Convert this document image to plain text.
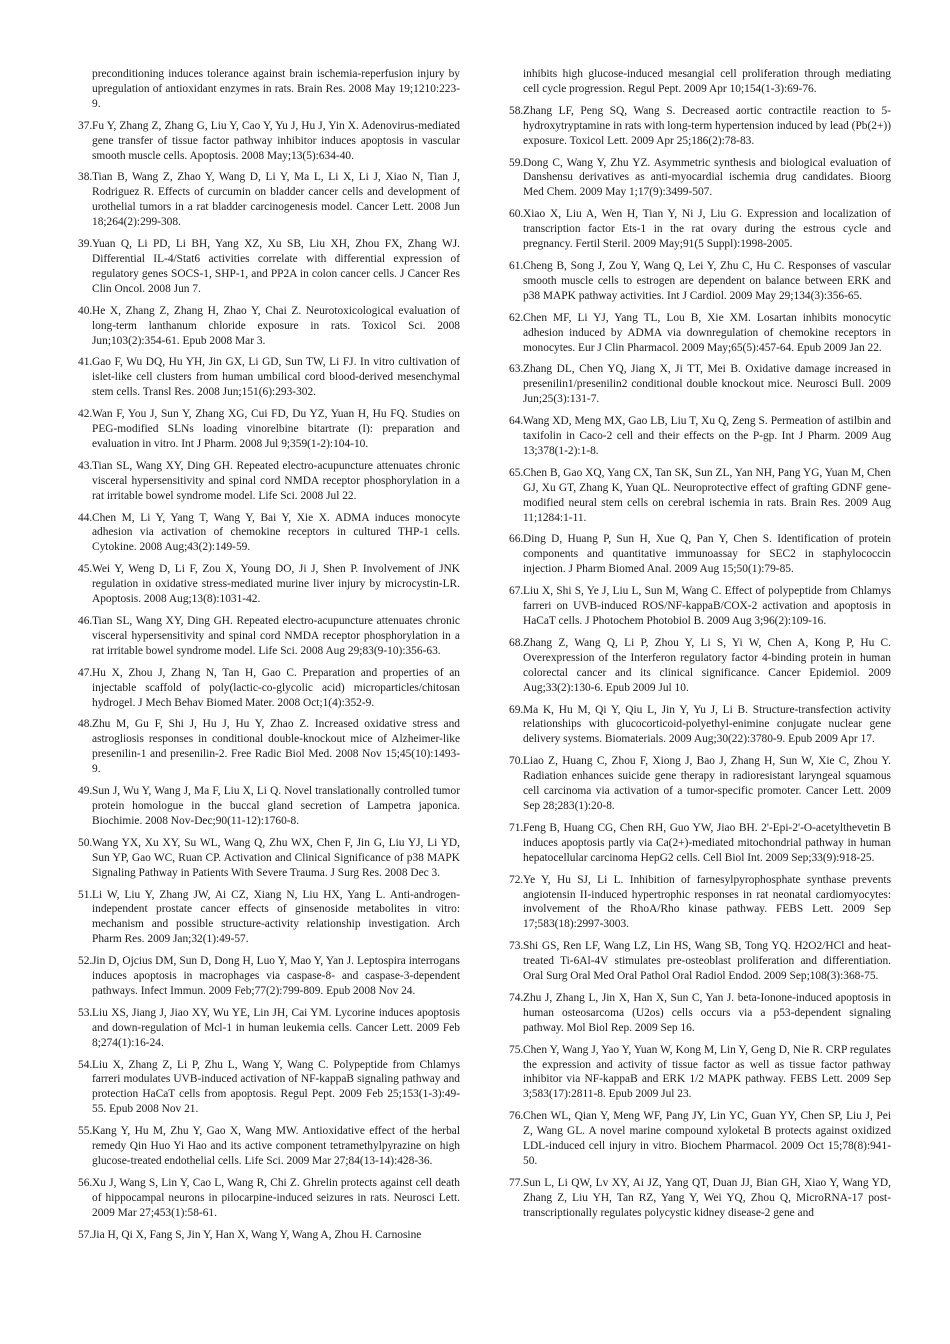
preconditioning induces tolerance against brain ischemia-reperfusion injury by upregulation of antioxidant enzymes in rats. Brain Res. 2008 May 19;1210:223-9.

37.Fu Y, Zhang Z, Zhang G, Liu Y, Cao Y, Yu J, Hu J, Yin X. Adenovirus-mediated gene transfer of tissue factor pathway inhibitor induces apoptosis in vascular smooth muscle cells. Apoptosis. 2008 May;13(5):634-40.

38.Tian B, Wang Z, Zhao Y, Wang D, Li Y, Ma L, Li X, Li J, Xiao N, Tian J, Rodriguez R. Effects of curcumin on bladder cancer cells and development of urothelial tumors in a rat bladder carcinogenesis model. Cancer Lett. 2008 Jun 18;264(2):299-308.

39.Yuan Q, Li PD, Li BH, Yang XZ, Xu SB, Liu XH, Zhou FX, Zhang WJ. Differential IL-4/Stat6 activities correlate with differential expression of regulatory genes SOCS-1, SHP-1, and PP2A in colon cancer cells. J Cancer Res Clin Oncol. 2008 Jun 7.

40.He X, Zhang Z, Zhang H, Zhao Y, Chai Z. Neurotoxicological evaluation of long-term lanthanum chloride exposure in rats. Toxicol Sci. 2008 Jun;103(2):354-61. Epub 2008 Mar 3.

41.Gao F, Wu DQ, Hu YH, Jin GX, Li GD, Sun TW, Li FJ. In vitro cultivation of islet-like cell clusters from human umbilical cord blood-derived mesenchymal stem cells. Transl Res. 2008 Jun;151(6):293-302.

42.Wan F, You J, Sun Y, Zhang XG, Cui FD, Du YZ, Yuan H, Hu FQ. Studies on PEG-modified SLNs loading vinorelbine bitartrate (I): preparation and evaluation in vitro. Int J Pharm. 2008 Jul 9;359(1-2):104-10.

43.Tian SL, Wang XY, Ding GH. Repeated electro-acupuncture attenuates chronic visceral hypersensitivity and spinal cord NMDA receptor phosphorylation in a rat irritable bowel syndrome model. Life Sci. 2008 Jul 22.

44.Chen M, Li Y, Yang T, Wang Y, Bai Y, Xie X. ADMA induces monocyte adhesion via activation of chemokine receptors in cultured THP-1 cells. Cytokine. 2008 Aug;43(2):149-59.

45.Wei Y, Weng D, Li F, Zou X, Young DO, Ji J, Shen P. Involvement of JNK regulation in oxidative stress-mediated murine liver injury by microcystin-LR. Apoptosis. 2008 Aug;13(8):1031-42.

46.Tian SL, Wang XY, Ding GH. Repeated electro-acupuncture attenuates chronic visceral hypersensitivity and spinal cord NMDA receptor phosphorylation in a rat irritable bowel syndrome model. Life Sci. 2008 Aug 29;83(9-10):356-63.

47.Hu X, Zhou J, Zhang N, Tan H, Gao C. Preparation and properties of an injectable scaffold of poly(lactic-co-glycolic acid) microparticles/chitosan hydrogel. J Mech Behav Biomed Mater. 2008 Oct;1(4):352-9.

48.Zhu M, Gu F, Shi J, Hu J, Hu Y, Zhao Z. Increased oxidative stress and astrogliosis responses in conditional double-knockout mice of Alzheimer-like presenilin-1 and presenilin-2. Free Radic Biol Med. 2008 Nov 15;45(10):1493-9.

49.Sun J, Wu Y, Wang J, Ma F, Liu X, Li Q. Novel translationally controlled tumor protein homologue in the buccal gland secretion of Lampetra japonica. Biochimie. 2008 Nov-Dec;90(11-12):1760-8.

50.Wang YX, Xu XY, Su WL, Wang Q, Zhu WX, Chen F, Jin G, Liu YJ, Li YD, Sun YP, Gao WC, Ruan CP. Activation and Clinical Significance of p38 MAPK Signaling Pathway in Patients With Severe Trauma. J Surg Res. 2008 Dec 3.

51.Li W, Liu Y, Zhang JW, Ai CZ, Xiang N, Liu HX, Yang L. Anti-androgen-independent prostate cancer effects of ginsenoside metabolites in vitro: mechanism and possible structure-activity relationship investigation. Arch Pharm Res. 2009 Jan;32(1):49-57.

52.Jin D, Ojcius DM, Sun D, Dong H, Luo Y, Mao Y, Yan J. Leptospira interrogans induces apoptosis in macrophages via caspase-8- and caspase-3-dependent pathways. Infect Immun. 2009 Feb;77(2):799-809. Epub 2008 Nov 24.

53.Liu XS, Jiang J, Jiao XY, Wu YE, Lin JH, Cai YM. Lycorine induces apoptosis and down-regulation of Mcl-1 in human leukemia cells. Cancer Lett. 2009 Feb 8;274(1):16-24.

54.Liu X, Zhang Z, Li P, Zhu L, Wang Y, Wang C. Polypeptide from Chlamys farreri modulates UVB-induced activation of NF-kappaB signaling pathway and protection HaCaT cells from apoptosis. Regul Pept. 2009 Feb 25;153(1-3):49-55. Epub 2008 Nov 21.

55.Kang Y, Hu M, Zhu Y, Gao X, Wang MW. Antioxidative effect of the herbal remedy Qin Huo Yi Hao and its active component tetramethylpyrazine on high glucose-treated endothelial cells. Life Sci. 2009 Mar 27;84(13-14):428-36.

56.Xu J, Wang S, Lin Y, Cao L, Wang R, Chi Z. Ghrelin protects against cell death of hippocampal neurons in pilocarpine-induced seizures in rats. Neurosci Lett. 2009 Mar 27;453(1):58-61.

57.Jia H, Qi X, Fang S, Jin Y, Han X, Wang Y, Wang A, Zhou H. Carnosine

inhibits high glucose-induced mesangial cell proliferation through mediating cell cycle progression. Regul Pept. 2009 Apr 10;154(1-3):69-76.

58.Zhang LF, Peng SQ, Wang S. Decreased aortic contractile reaction to 5-hydroxytryptamine in rats with long-term hypertension induced by lead (Pb(2+)) exposure. Toxicol Lett. 2009 Apr 25;186(2):78-83.

59.Dong C, Wang Y, Zhu YZ. Asymmetric synthesis and biological evaluation of Danshensu derivatives as anti-myocardial ischemia drug candidates. Bioorg Med Chem. 2009 May 1;17(9):3499-507.

60.Xiao X, Liu A, Wen H, Tian Y, Ni J, Liu G. Expression and localization of transcription factor Ets-1 in the rat ovary during the estrous cycle and pregnancy. Fertil Steril. 2009 May;91(5 Suppl):1998-2005.

61.Cheng B, Song J, Zou Y, Wang Q, Lei Y, Zhu C, Hu C. Responses of vascular smooth muscle cells to estrogen are dependent on balance between ERK and p38 MAPK pathway activities. Int J Cardiol. 2009 May 29;134(3):356-65.

62.Chen MF, Li YJ, Yang TL, Lou B, Xie XM. Losartan inhibits monocytic adhesion induced by ADMA via downregulation of chemokine receptors in monocytes. Eur J Clin Pharmacol. 2009 May;65(5):457-64. Epub 2009 Jan 22.

63.Zhang DL, Chen YQ, Jiang X, Ji TT, Mei B. Oxidative damage increased in presenilin1/presenilin2 conditional double knockout mice. Neurosci Bull. 2009 Jun;25(3):131-7.

64.Wang XD, Meng MX, Gao LB, Liu T, Xu Q, Zeng S. Permeation of astilbin and taxifolin in Caco-2 cell and their effects on the P-gp. Int J Pharm. 2009 Aug 13;378(1-2):1-8.

65.Chen B, Gao XQ, Yang CX, Tan SK, Sun ZL, Yan NH, Pang YG, Yuan M, Chen GJ, Xu GT, Zhang K, Yuan QL. Neuroprotective effect of grafting GDNF gene-modified neural stem cells on cerebral ischemia in rats. Brain Res. 2009 Aug 11;1284:1-11.

66.Ding D, Huang P, Sun H, Xue Q, Pan Y, Chen S. Identification of protein components and quantitative immunoassay for SEC2 in staphylococcin injection. J Pharm Biomed Anal. 2009 Aug 15;50(1):79-85.

67.Liu X, Shi S, Ye J, Liu L, Sun M, Wang C. Effect of polypeptide from Chlamys farreri on UVB-induced ROS/NF-kappaB/COX-2 activation and apoptosis in HaCaT cells. J Photochem Photobiol B. 2009 Aug 3;96(2):109-16.

68.Zhang Z, Wang Q, Li P, Zhou Y, Li S, Yi W, Chen A, Kong P, Hu C. Overexpression of the Interferon regulatory factor 4-binding protein in human colorectal cancer and its clinical significance. Cancer Epidemiol. 2009 Aug;33(2):130-6. Epub 2009 Jul 10.

69.Ma K, Hu M, Qi Y, Qiu L, Jin Y, Yu J, Li B. Structure-transfection activity relationships with glucocorticoid-polyethyl-enimine conjugate nuclear gene delivery systems. Biomaterials. 2009 Aug;30(22):3780-9. Epub 2009 Apr 17.

70.Liao Z, Huang C, Zhou F, Xiong J, Bao J, Zhang H, Sun W, Xie C, Zhou Y. Radiation enhances suicide gene therapy in radioresistant laryngeal squamous cell carcinoma via activation of a tumor-specific promoter. Cancer Lett. 2009 Sep 28;283(1):20-8.

71.Feng B, Huang CG, Chen RH, Guo YW, Jiao BH. 2'-Epi-2'-O-acetylthevetin B induces apoptosis partly via Ca(2+)-mediated mitochondrial pathway in human hepatocellular carcinoma HepG2 cells. Cell Biol Int. 2009 Sep;33(9):918-25.

72.Ye Y, Hu SJ, Li L. Inhibition of farnesylpyrophosphate synthase prevents angiotensin II-induced hypertrophic responses in rat neonatal cardiomyocytes: involvement of the RhoA/Rho kinase pathway. FEBS Lett. 2009 Sep 17;583(18):2997-3003.

73.Shi GS, Ren LF, Wang LZ, Lin HS, Wang SB, Tong YQ. H2O2/HCl and heat-treated Ti-6Al-4V stimulates pre-osteoblast proliferation and differentiation. Oral Surg Oral Med Oral Pathol Oral Radiol Endod. 2009 Sep;108(3):368-75.

74.Zhu J, Zhang L, Jin X, Han X, Sun C, Yan J. beta-Ionone-induced apoptosis in human osteosarcoma (U2os) cells occurs via a p53-dependent signaling pathway. Mol Biol Rep. 2009 Sep 16.

75.Chen Y, Wang J, Yao Y, Yuan W, Kong M, Lin Y, Geng D, Nie R. CRP regulates the expression and activity of tissue factor as well as tissue factor pathway inhibitor via NF-kappaB and ERK 1/2 MAPK pathway. FEBS Lett. 2009 Sep 3;583(17):2811-8. Epub 2009 Jul 23.

76.Chen WL, Qian Y, Meng WF, Pang JY, Lin YC, Guan YY, Chen SP, Liu J, Pei Z, Wang GL. A novel marine compound xyloketal B protects against oxidized LDL-induced cell injury in vitro. Biochem Pharmacol. 2009 Oct 15;78(8):941-50.

77.Sun L, Li QW, Lv XY, Ai JZ, Yang QT, Duan JJ, Bian GH, Xiao Y, Wang YD, Zhang Z, Liu YH, Tan RZ, Yang Y, Wei YQ, Zhou Q, MicroRNA-17 post-transcriptionally regulates polycystic kidney disease-2 gene and
